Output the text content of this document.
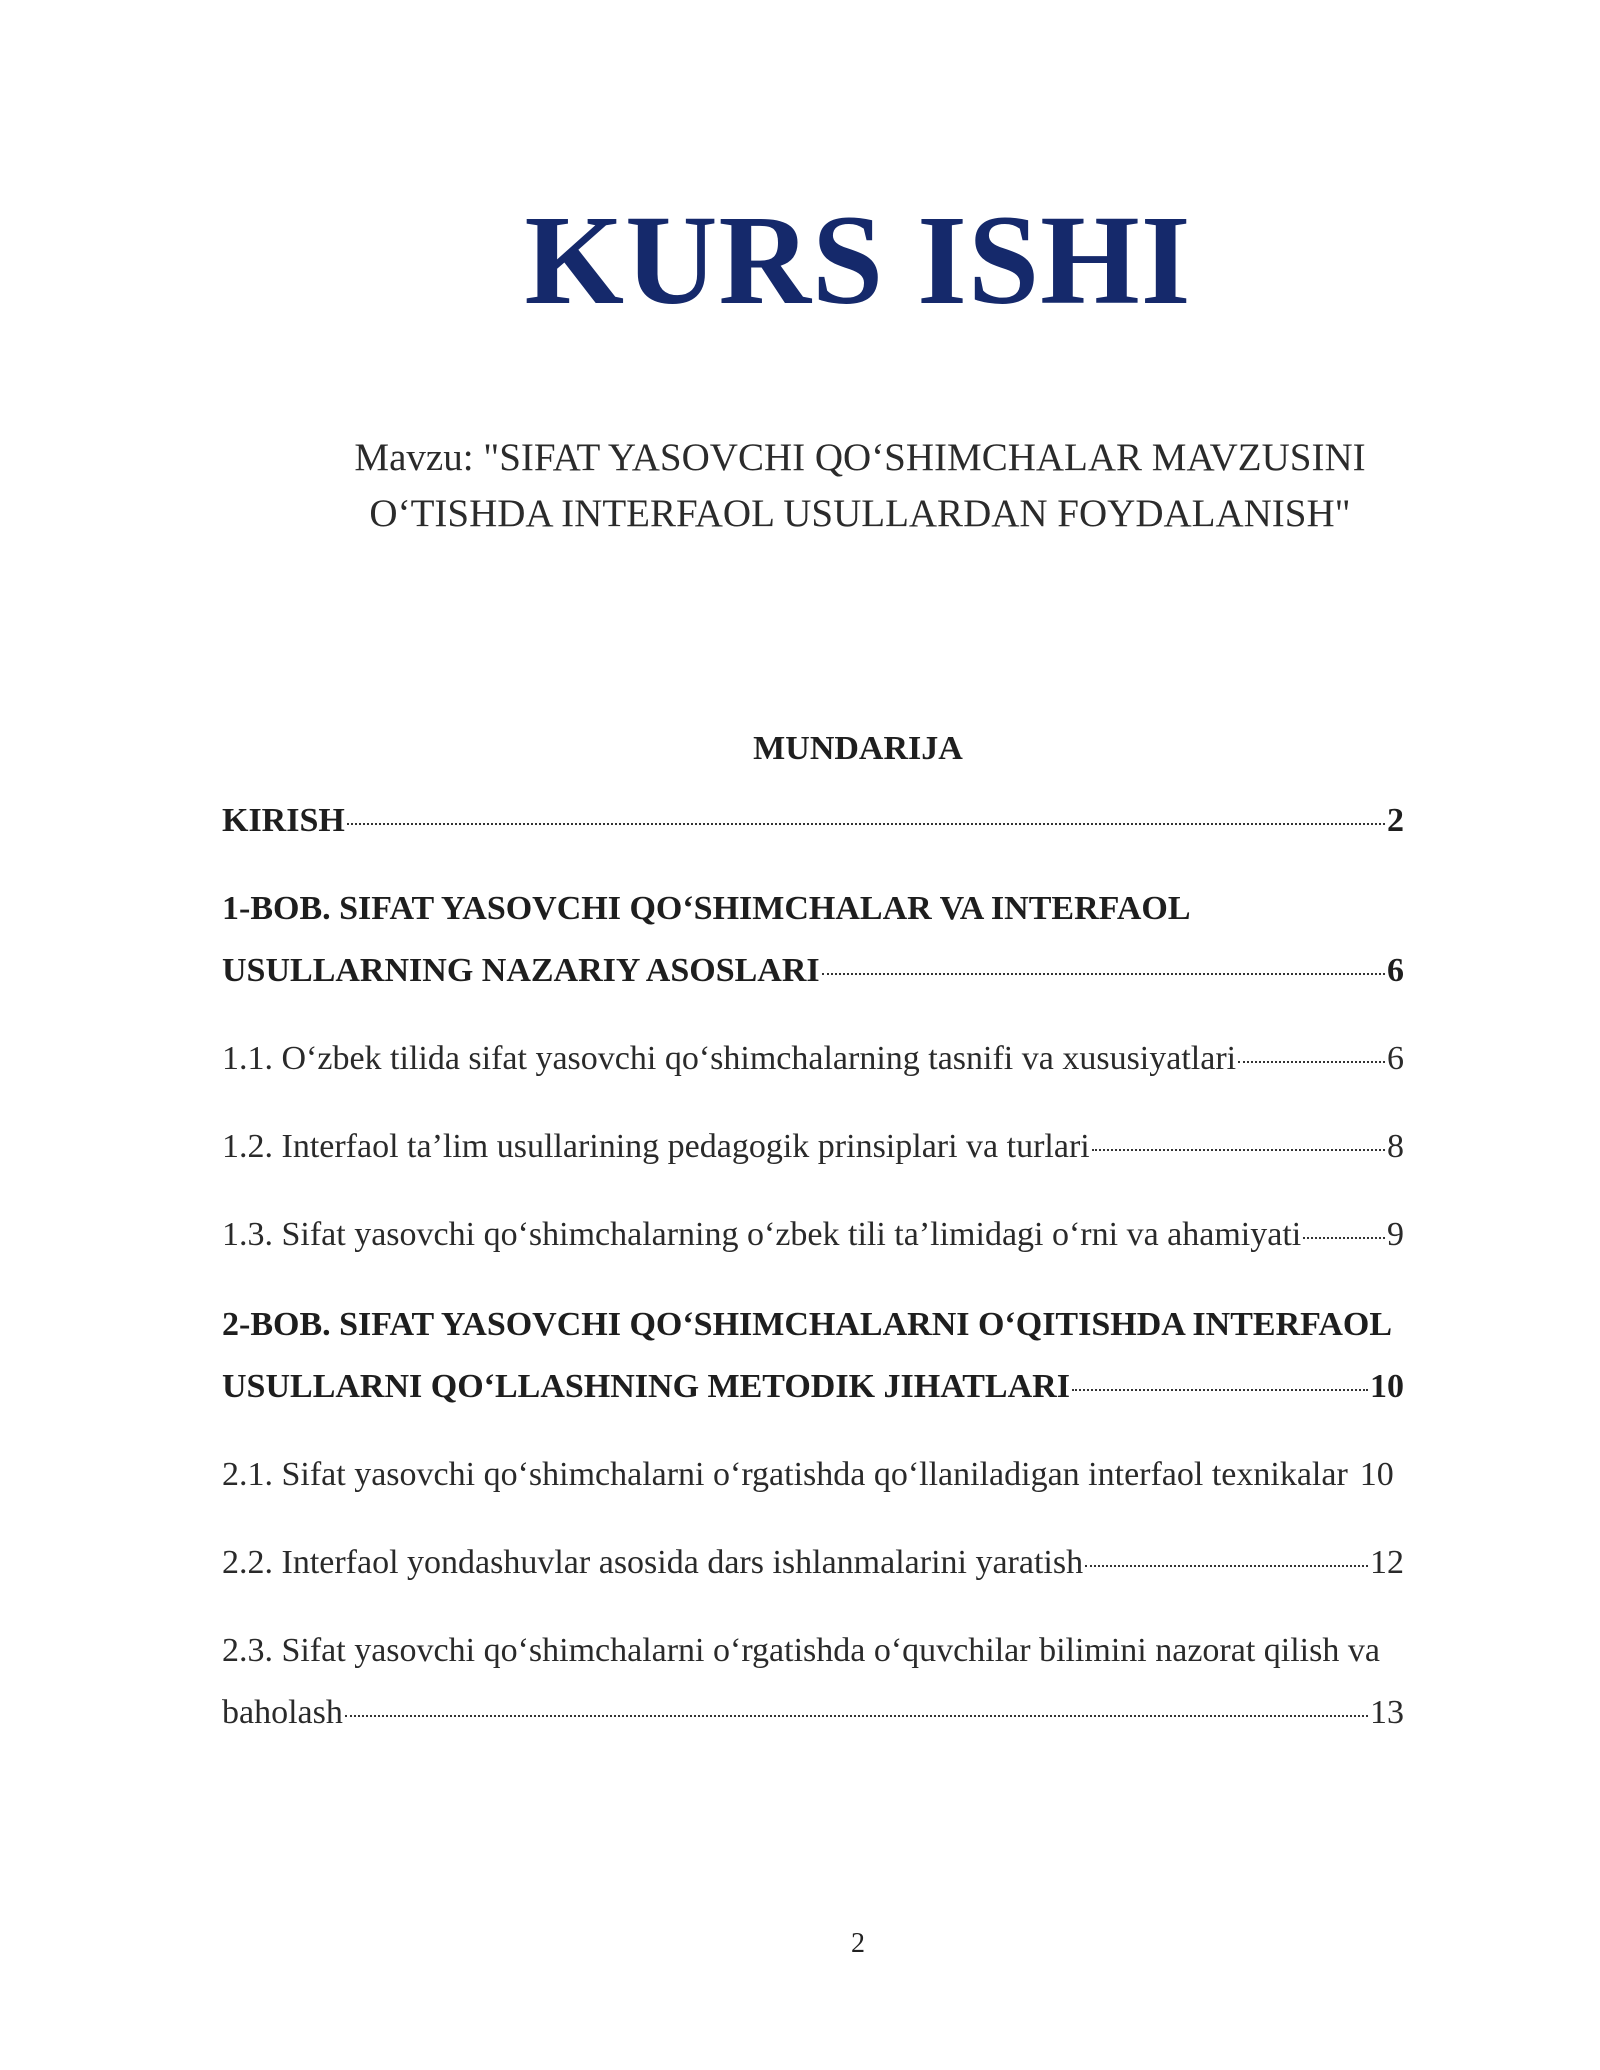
KURS ISHI
Mavzu: "SIFAT YASOVCHI QO‘SHIMCHALAR MAVZUSINI
O‘TISHDA INTERFAOL USULLARDAN FOYDALANISH"
MUNDARIJA
KIRISH	2
1-BOB. SIFAT YASOVCHI QO‘SHIMCHALAR VA INTERFAOL
USULLARNING NAZARIY ASOSLARI	6
1.1. O‘zbek tilida sifat yasovchi qo‘shimchalarning tasnifi va xususiyatlari	6
1.2. Interfaol ta’lim usullarining pedagogik prinsiplari va turlari	8
1.3. Sifat yasovchi qo‘shimchalarning o‘zbek tili ta’limidagi o‘rni va ahamiyati	9
2-BOB. SIFAT YASOVCHI QO‘SHIMCHALARNI O‘QITISHDA INTERFAOL
USULLARNI QO‘LLASHNING METODIK JIHATLARI	10
2.1. Sifat yasovchi qo‘shimchalarni o‘rgatishda qo‘llaniladigan interfaol texnikalar 10
2.2. Interfaol yondashuvlar asosida dars ishlanmalarini yaratish	12
2.3. Sifat yasovchi qo‘shimchalarni o‘rgatishda o‘quvchilar bilimini nazorat qilish va
baholash	13
2
